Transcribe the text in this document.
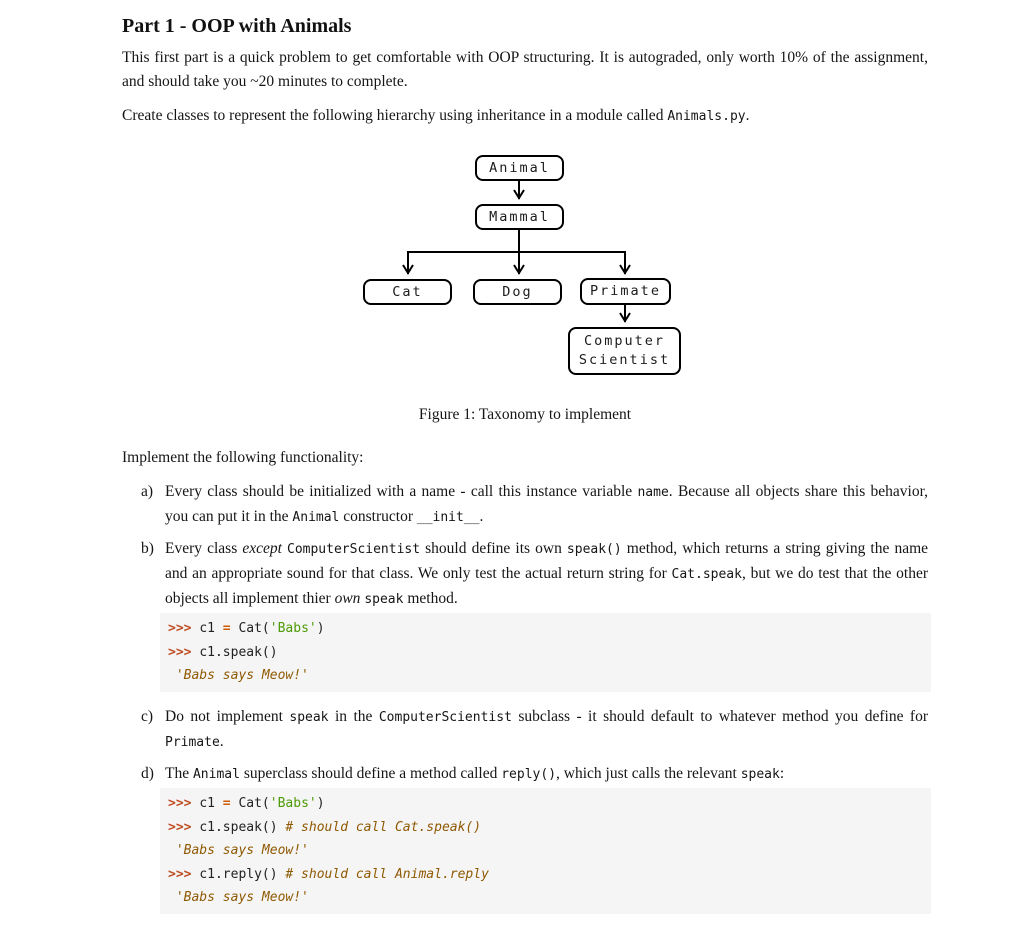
Part 1 - OOP with Animals

This first part is a quick problem to get comfortable with OOP structuring. It is autograded, only worth 10% of the assignment, and should take you ~20 minutes to complete.

Create classes to represent the following hierarchy using inheritance in a module called Animals.py.

Animal
Mammal
Cat	Dog	Primate
Computer
Scientist
Figure 1: Taxonomy to implement

Implement the following functionality:

a) Every class should be initialized with a name - call this instance variable name. Because all objects share this behavior, you can put it in the Animal constructor __init__.
b) Every class except ComputerScientist should define its own speak() method, which returns a string giving the name and an appropriate sound for that class. We only test the actual return string for Cat.speak, but we do test that the other objects all implement thier own speak method.
>>> c1 = Cat('Babs')
>>> c1.speak()
'Babs says Meow!'
c) Do not implement speak in the ComputerScientist subclass - it should default to whatever method you define for Primate.
d) The Animal superclass should define a method called reply(), which just calls the relevant speak:
>>> c1 = Cat('Babs')
>>> c1.speak() # should call Cat.speak()
'Babs says Meow!'
>>> c1.reply() # should call Animal.reply
'Babs says Meow!'
